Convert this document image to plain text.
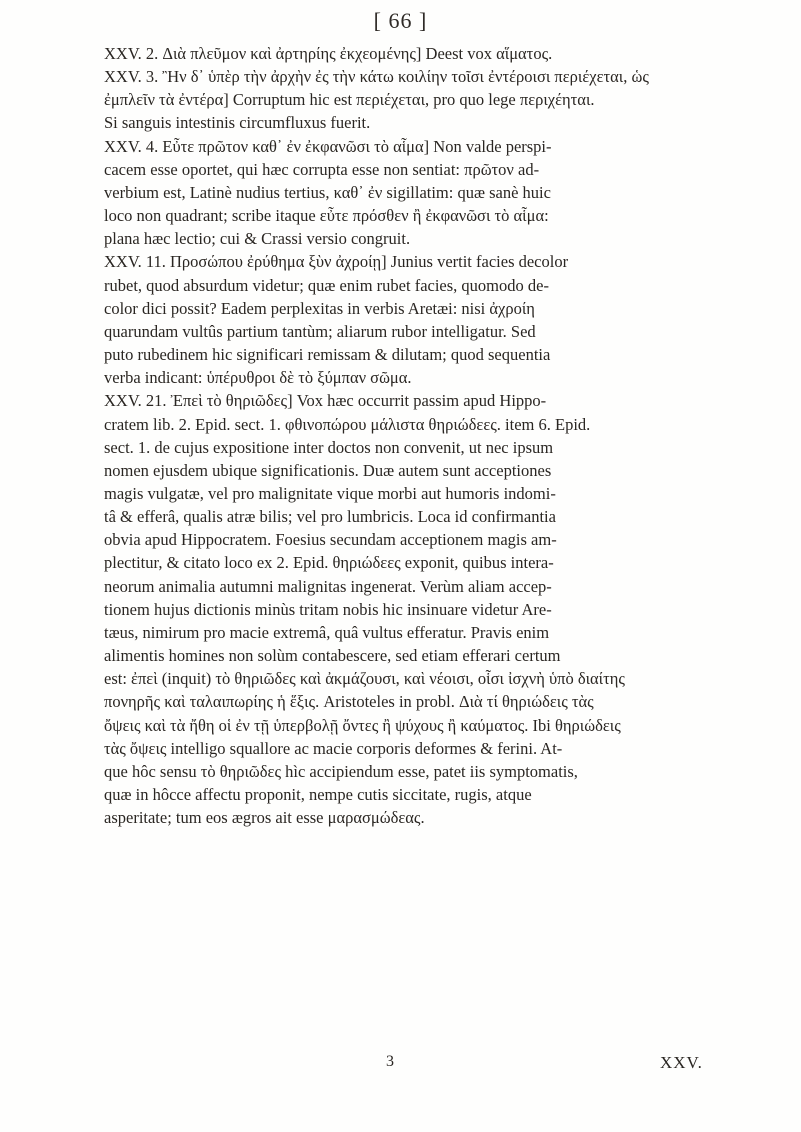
[ 66 ]
XXV. 2. Διὰ πλεῦμον καὶ ἀρτηρίης ἐκχεομένης] Deest vox αἵματος.
XXV. 3. Ἢν δ᾽ ὑπὲρ τὴν ἀρχὴν ἐς τὴν κάτω κοιλίην τοῖσι ἐντέροισι περιέχεται, ὡς
ἐμπλεῖν τὰ ἐντέρα] Corruptum hic est περιέχεται, pro quo lege περιχέηται.
Si sanguis intestinis circumfluxus fuerit.
XXV. 4. Εὖτε πρῶτον καθ᾽ ἐν ἐκφανῶσι τὸ αἷμα] Non valde perspi-
cacem esse oportet, qui hæc corrupta esse non sentiat: πρῶτον ad-
verbium est, Latinè nudius tertius, καθ᾽ ἐν sigillatim: quæ sanè huic
loco non quadrant; scribe itaque εὖτε πρόσθεν ἢ ἐκφανῶσι τὸ αἷμα:
plana hæc lectio; cui & Crassi versio congruit.
XXV. 11. Προσώπου ἐρύθημα ξὺν ἀχροίῃ] Junius vertit facies decolor
rubet, quod absurdum videtur; quæ enim rubet facies, quomodo de-
color dici possit? Eadem perplexitas in verbis Aretæi: nisi ἀχροίη
quarundam vultûs partium tantùm; aliarum rubor intelligatur. Sed
puto rubedinem hic significari remissam & dilutam; quod sequentia
verba indicant: ὑπέρυθροι δὲ τὸ ξύμπαν σῶμα.
XXV. 21. Ἐπεὶ τὸ θηριῶδες] Vox hæc occurrit passim apud Hippo-
cratem lib. 2. Epid. sect. 1. φθινοπώρου μάλιστα θηριώδεες. item 6. Epid.
sect. 1. de cujus expositione inter doctos non convenit, ut nec ipsum
nomen ejusdem ubique significationis. Duæ autem sunt acceptiones
magis vulgatæ, vel pro malignitate vique morbi aut humoris indomi-
tâ & efferâ, qualis atræ bilis; vel pro lumbricis. Loca id confirmantia
obvia apud Hippocratem. Foesius secundam acceptionem magis am-
plectitur, & citato loco ex 2. Epid. θηριώδεες exponit, quibus intera-
neorum animalia autumni malignitas ingenerat. Verùm aliam accep-
tionem hujus dictionis minùs tritam nobis hic insinuare videtur Are-
tæus, nimirum pro macie extremâ, quâ vultus efferatur. Pravis enim
alimentis homines non solùm contabescere, sed etiam efferari certum
est: ἐπεὶ (inquit) τὸ θηριῶδες καὶ ἀκμάζουσι, καὶ νέοισι, οἷσι ἰσχνὴ ὑπὸ διαίτης
πονηρῆς καὶ ταλαιπωρίης ἡ ἕξις. Aristoteles in probl. Διὰ τί θηριώδεις τὰς
ὄψεις καὶ τὰ ἤθη οἱ ἐν τῇ ὑπερβολῇ ὄντες ἢ ψύχους ἢ καύματος. Ibi θηριώδεις
τὰς ὄψεις intelligo squallore ac macie corporis deformes & ferini. At-
que hôc sensu τὸ θηριῶδες hìc accipiendum esse, patet iis symptomatis,
quæ in hôcce affectu proponit, nempe cutis siccitate, rugis, atque
asperitate; tum eos ægros ait esse μαρασμώδεας.
3	XXV.
